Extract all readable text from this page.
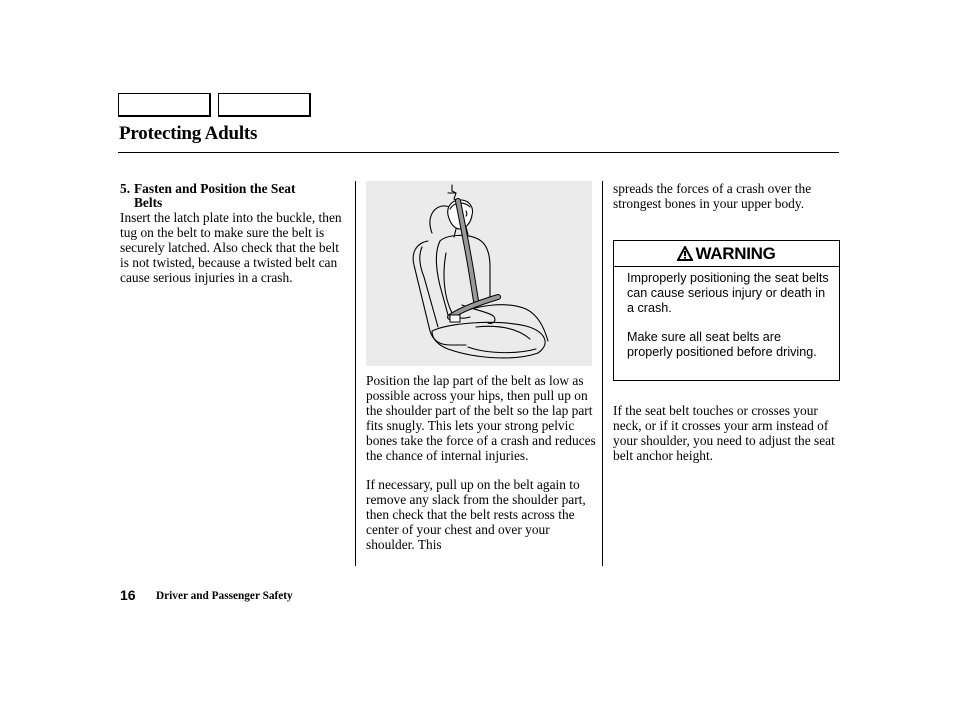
Protecting Adults
5. Fasten and Position the Seat
Belts

Insert the latch plate into the buckle, then tug on the belt to make sure the belt is securely latched. Also check that the belt is not twisted, because a twisted belt can cause serious injuries in a crash.

Position the lap part of the belt as low as possible across your hips, then pull up on the shoulder part of the belt so the lap part fits snugly. This lets your strong pelvic bones take the force of a crash and reduces the chance of internal injuries.

If necessary, pull up on the belt again to remove any slack from the shoulder part, then check that the belt rests across the center of your chest and over your shoulder. This

spreads the forces of a crash over the strongest bones in your upper body.

WARNING

Improperly positioning the seat belts can cause serious injury or death in a crash.

Make sure all seat belts are properly positioned before driving.

If the seat belt touches or crosses your neck, or if it crosses your arm instead of your shoulder, you need to adjust the seat belt anchor height.

16 Driver and Passenger Safety
